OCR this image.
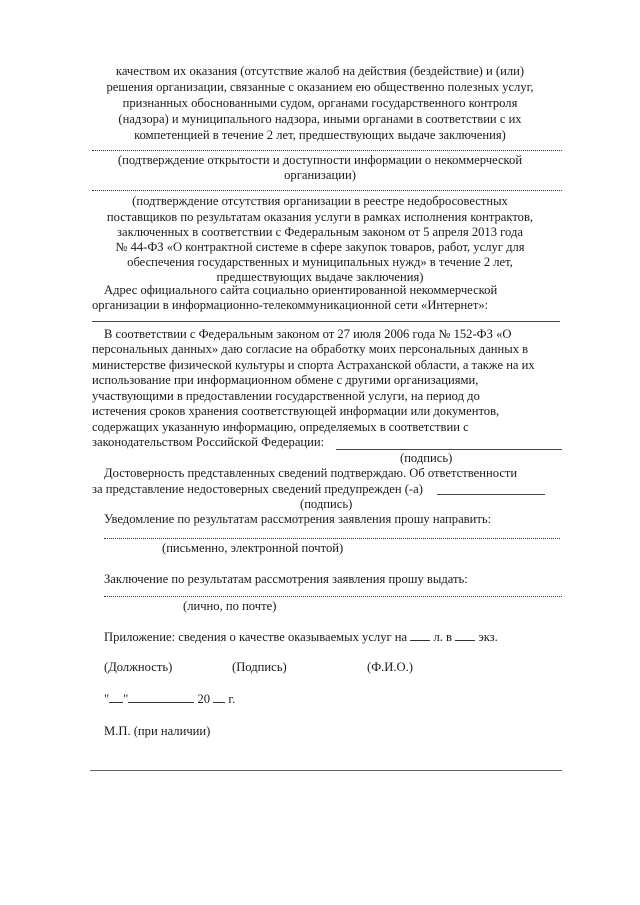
качеством их оказания (отсутствие жалоб на действия (бездействие) и (или)
решения организации, связанные с оказанием ею общественно полезных услуг,
признанных обоснованными судом, органами государственного контроля
(надзора) и муниципального надзора, иными органами в соответствии с их
компетенцией в течение 2 лет, предшествующих выдаче заключения)
(подтверждение открытости и доступности информации о некоммерческой
организации)
(подтверждение отсутствия организации в реестре недобросовестных
поставщиков по результатам оказания услуги в рамках исполнения контрактов,
заключенных в соответствии с Федеральным законом от 5 апреля 2013 года
№ 44-ФЗ «О контрактной системе в сфере закупок товаров, работ, услуг для
обеспечения государственных и муниципальных нужд» в течение 2 лет,
предшествующих выдаче заключения)
Адрес официального сайта социально ориентированной некоммерческой
организации в информационно-телекоммуникационной сети «Интернет»:
В соответствии с Федеральным законом от 27 июля 2006 года № 152-ФЗ «О
персональных данных» даю согласие на обработку моих персональных данных в
министерстве физической культуры и спорта Астраханской области, а также на их
использование при информационном обмене с другими организациями,
участвующими в предоставлении государственной услуги, на период до
истечения сроков хранения соответствующей информации или документов,
содержащих указанную информацию, определяемых в соответствии с
законодательством Российской Федерации:
(подпись)
Достоверность представленных сведений подтверждаю. Об ответственности
за представление недостоверных сведений предупрежден (-а)
(подпись)
Уведомление по результатам рассмотрения заявления прошу направить:
(письменно, электронной почтой)
Заключение по результатам рассмотрения заявления прошу выдать:
(лично, по почте)
Приложение: сведения о качестве оказываемых услуг на л. в экз.
(Должность)	(Подпись)	(Ф.И.О.)
" "	20 г.
М.П. (при наличии)
